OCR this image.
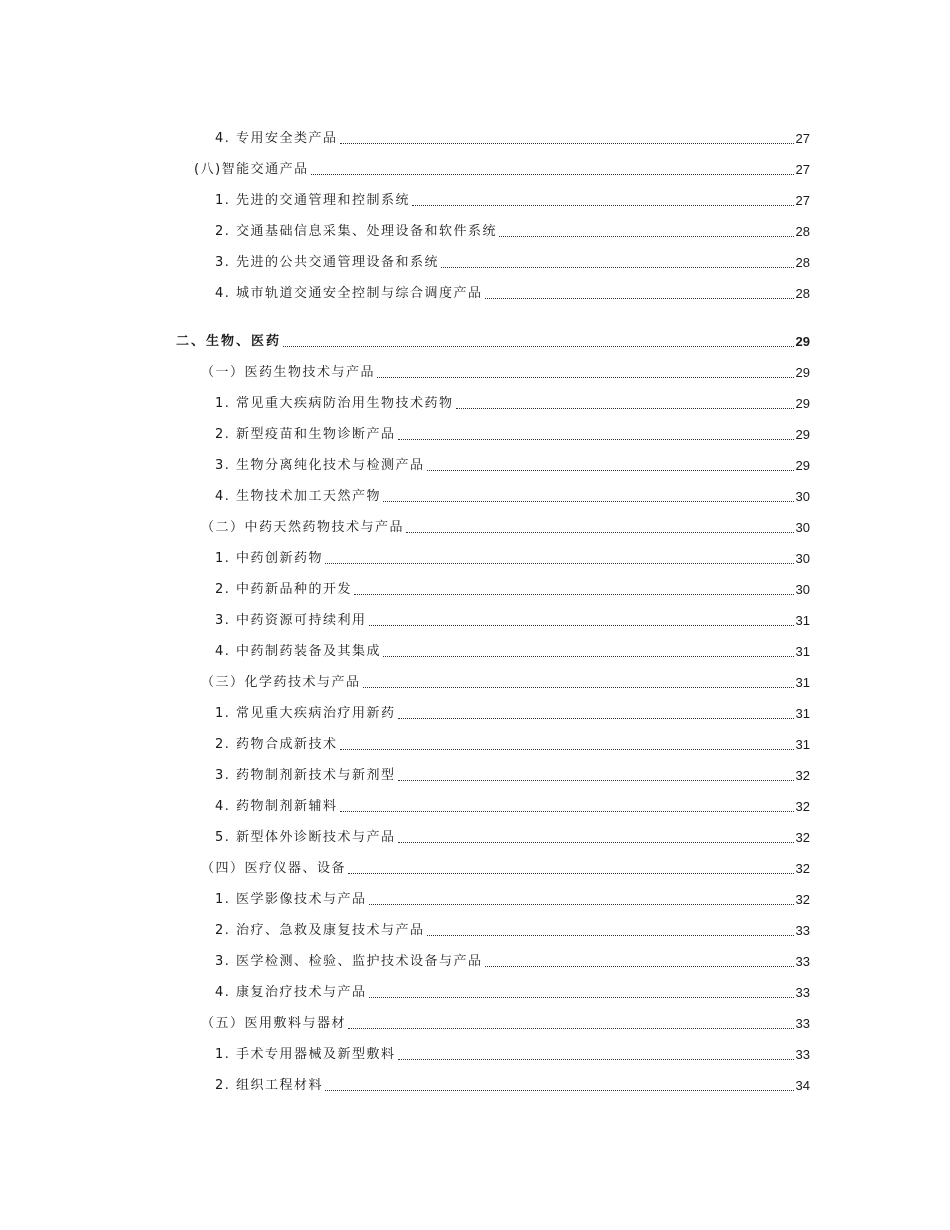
4. 专用安全类产品	27
(八)智能交通产品	27
1. 先进的交通管理和控制系统	27
2. 交通基础信息采集、处理设备和软件系统	28
3. 先进的公共交通管理设备和系统	28
4. 城市轨道交通安全控制与综合调度产品	28
二、生物、医药	29
（一）医药生物技术与产品	29
1. 常见重大疾病防治用生物技术药物	29
2. 新型疫苗和生物诊断产品	29
3. 生物分离纯化技术与检测产品	29
4. 生物技术加工天然产物	30
（二）中药天然药物技术与产品	30
1. 中药创新药物	30
2. 中药新品种的开发	30
3. 中药资源可持续利用	31
4. 中药制药装备及其集成	31
（三）化学药技术与产品	31
1. 常见重大疾病治疗用新药	31
2. 药物合成新技术	31
3. 药物制剂新技术与新剂型	32
4. 药物制剂新辅料	32
5. 新型体外诊断技术与产品	32
（四）医疗仪器、设备	32
1. 医学影像技术与产品	32
2. 治疗、急救及康复技术与产品	33
3. 医学检测、检验、监护技术设备与产品	33
4. 康复治疗技术与产品	33
（五）医用敷料与器材	33
1. 手术专用器械及新型敷料	33
2. 组织工程材料	34
